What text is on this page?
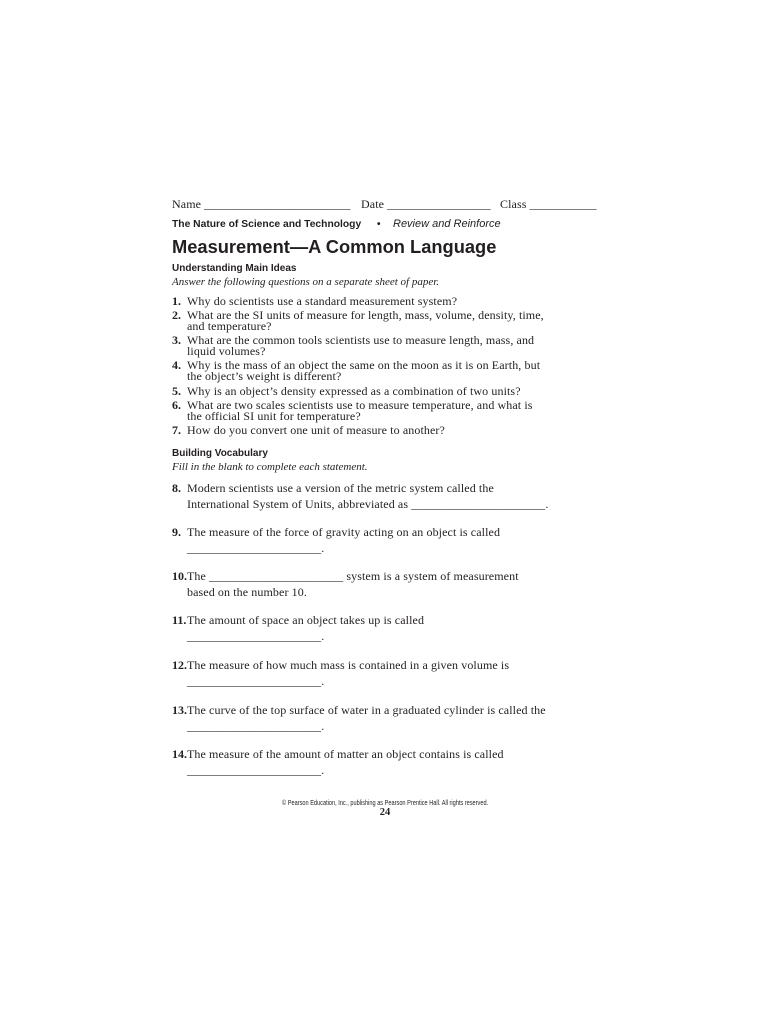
Name ________________________ Date _________________ Class ___________
The Nature of Science and Technology • Review and Reinforce
Measurement—A Common Language
Understanding Main Ideas
Answer the following questions on a separate sheet of paper.
1. Why do scientists use a standard measurement system?
2. What are the SI units of measure for length, mass, volume, density, time,
and temperature?
3. What are the common tools scientists use to measure length, mass, and
liquid volumes?
4. Why is the mass of an object the same on the moon as it is on Earth, but
the object’s weight is different?
5. Why is an object’s density expressed as a combination of two units?
6. What are two scales scientists use to measure temperature, and what is
the official SI unit for temperature?
7. How do you convert one unit of measure to another?
Building Vocabulary
Fill in the blank to complete each statement.
8. Modern scientists use a version of the metric system called the
International System of Units, abbreviated as ______________________.
9. The measure of the force of gravity acting on an object is called
______________________.
10. The ______________________ system is a system of measurement
based on the number 10.
11. The amount of space an object takes up is called
______________________.
12. The measure of how much mass is contained in a given volume is
______________________.
13. The curve of the top surface of water in a graduated cylinder is called the
______________________.
14. The measure of the amount of matter an object contains is called
______________________.
© Pearson Education, Inc., publishing as Pearson Prentice Hall. All rights reserved.
24
